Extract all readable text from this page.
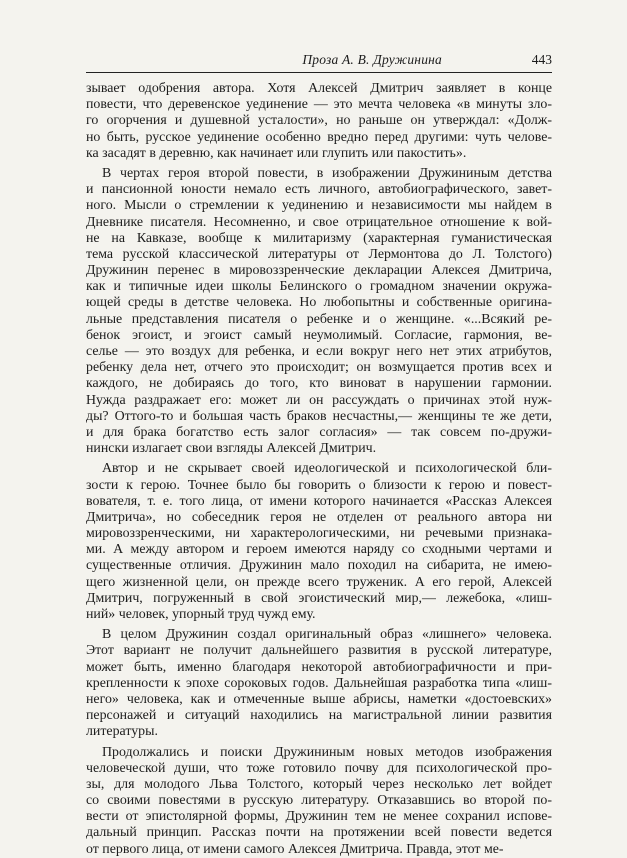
Проза А. В. Дружинина	443
зывает одобрения автора. Хотя Алексей Дмитрич заявляет в конце
повести, что деревенское уединение — это мечта человека «в минуты зло-
го огорчения и душевной усталости», но раньше он утверждал: «Долж-
но быть, русское уединение особенно вредно перед другими: чуть челове-
ка засадят в деревню, как начинает или глупить или пакостить».
В чертах героя второй повести, в изображении Дружининым детства
и пансионной юности немало есть личного, автобиографического, завет-
ного. Мысли о стремлении к уединению и независимости мы найдем в
Дневнике писателя. Несомненно, и свое отрицательное отношение к вой-
не на Кавказе, вообще к милитаризму (характерная гуманистическая
тема русской классической литературы от Лермонтова до Л. Толстого)
Дружинин перенес в мировоззренческие декларации Алексея Дмитрича,
как и типичные идеи школы Белинского о громадном значении окружа-
ющей среды в детстве человека. Но любопытны и собственные оригина-
льные представления писателя о ребенке и о женщине. «...Всякий ре-
бенок эгоист, и эгоист самый неумолимый. Согласие, гармония, ве-
селье — это воздух для ребенка, и если вокруг него нет этих атрибутов,
ребенку дела нет, отчего это происходит; он возмущается против всех и
каждого, не добираясь до того, кто виноват в нарушении гармонии.
Нужда раздражает его: может ли он рассуждать о причинах этой нуж-
ды? Оттого-то и большая часть браков несчастны,— женщины те же дети,
и для брака богатство есть залог согласия» — так совсем по-дружи-
нински излагает свои взгляды Алексей Дмитрич.
Автор и не скрывает своей идеологической и психологической бли-
зости к герою. Точнее было бы говорить о близости к герою и повест-
вователя, т. е. того лица, от имени которого начинается «Рассказ Алексея
Дмитрича», но собеседник героя не отделен от реального автора ни
мировоззренческими, ни характерологическими, ни речевыми признака-
ми. А между автором и героем имеются наряду со сходными чертами и
существенные отличия. Дружинин мало походил на сибарита, не имею-
щего жизненной цели, он прежде всего труженик. А его герой, Алексей
Дмитрич, погруженный в свой эгоистический мир,— лежебока, «лиш-
ний» человек, упорный труд чужд ему.
В целом Дружинин создал оригинальный образ «лишнего» человека.
Этот вариант не получит дальнейшего развития в русской литературе,
может быть, именно благодаря некоторой автобиографичности и при-
крепленности к эпохе сороковых годов. Дальнейшая разработка типа «лиш-
него» человека, как и отмеченные выше абрисы, наметки «достоевских»
персонажей и ситуаций находились на магистральной линии развития
литературы.
Продолжались и поиски Дружининым новых методов изображения
человеческой души, что тоже готовило почву для психологической про-
зы, для молодого Льва Толстого, который через несколько лет войдет
со своими повестями в русскую литературу. Отказавшись во второй по-
вести от эпистолярной формы, Дружинин тем не менее сохранил испове-
дальный принцип. Рассказ почти на протяжении всей повести ведется
от первого лица, от имени самого Алексея Дмитрича. Правда, этот ме-
